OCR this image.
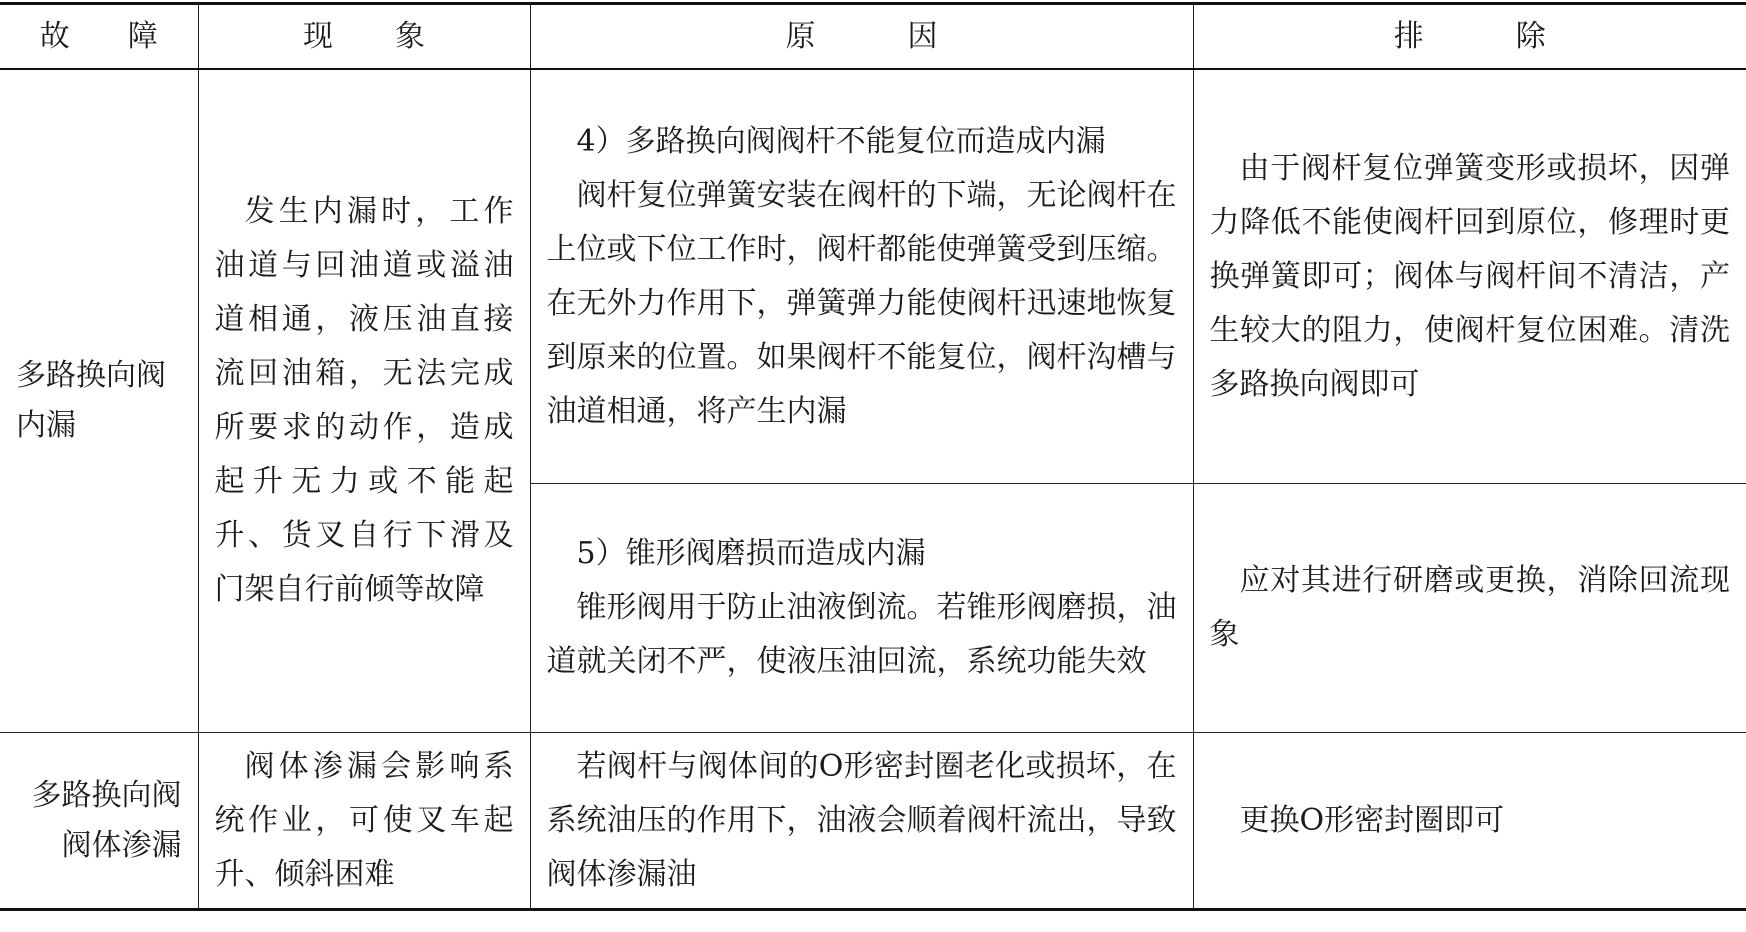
故 障	现 象	原 因	排 除

多路换向阀内漏	发生内漏时，工作油道与回油道或溢油道相通，液压油直接流回油箱，无法完成所要求的动作，造成起升无力或不能起升、货叉自行下滑及门架自行前倾等故障	4）多路换向阀阀杆不能复位而造成内漏
阀杆复位弹簧安装在阀杆的下端，无论阀杆在上位或下位工作时，阀杆都能使弹簧受到压缩。在无外力作用下，弹簧弹力能使阀杆迅速地恢复到原来的位置。如果阀杆不能复位，阀杆沟槽与油道相通，将产生内漏	由于阀杆复位弹簧变形或损坏，因弹力降低不能使阀杆回到原位，修理时更换弹簧即可；阀体与阀杆间不清洁，产生较大的阻力，使阀杆复位困难。清洗多路换向阀即可

		5）锥形阀磨损而造成内漏
锥形阀用于防止油液倒流。若锥形阀磨损，油道就关闭不严，使液压油回流，系统功能失效	应对其进行研磨或更换，消除回流现象

多路换向阀阀体渗漏	阀体渗漏会影响系统作业，可使叉车起升、倾斜困难	若阀杆与阀体间的O形密封圈老化或损坏，在系统油压的作用下，油液会顺着阀杆流出，导致阀体渗漏油	更换O形密封圈即可
